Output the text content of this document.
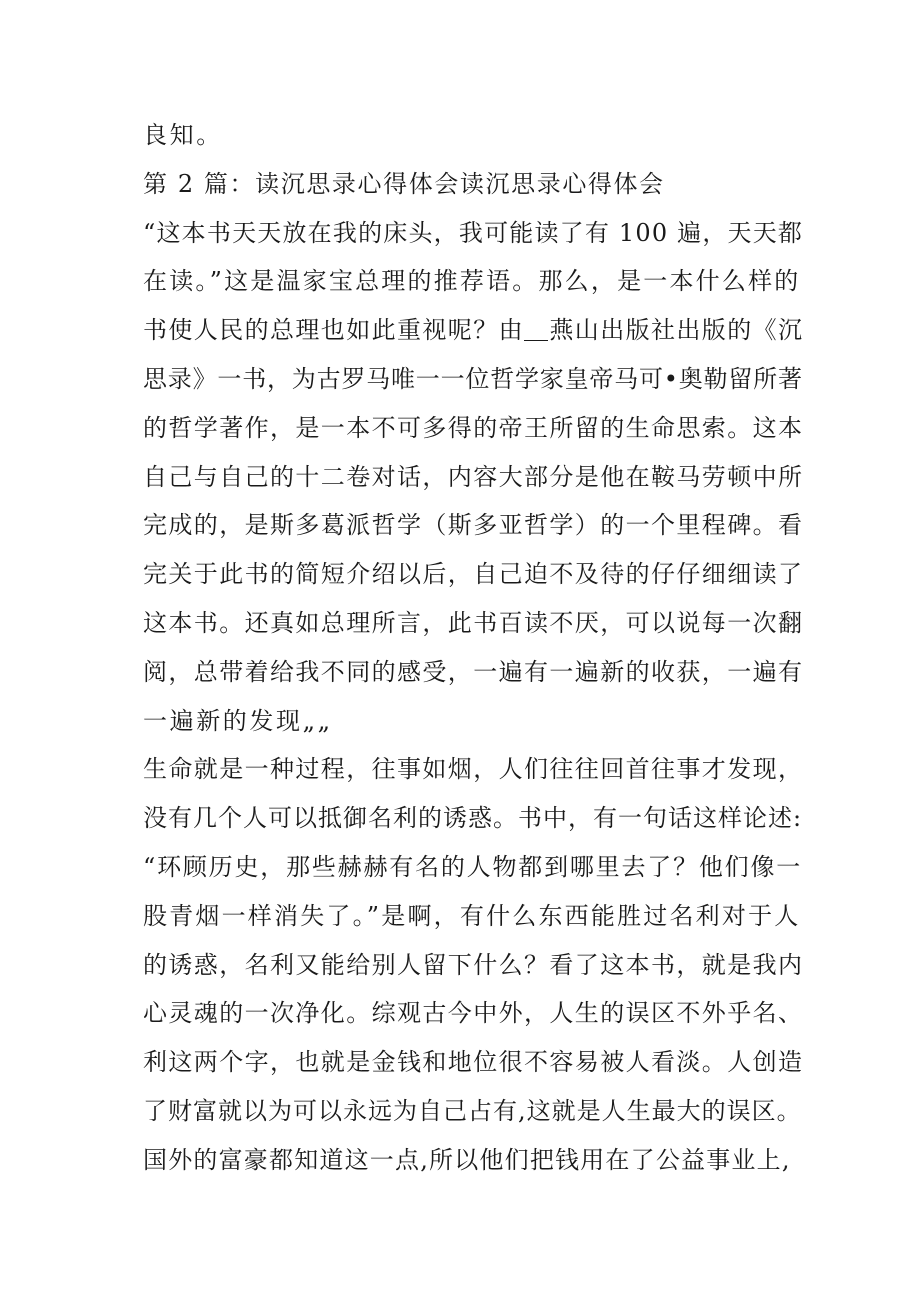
良知。
第 2 篇：读沉思录心得体会读沉思录心得体会
“这本书天天放在我的床头，我可能读了有 100 遍，天天都
在读。”这是温家宝总理的推荐语。那么，是一本什么样的
书使人民的总理也如此重视呢？由＿燕山出版社出版的《沉
思录》一书，为古罗马唯一一位哲学家皇帝马可•奥勒留所著
的哲学著作，是一本不可多得的帝王所留的生命思索。这本
自己与自己的十二卷对话，内容大部分是他在鞍马劳顿中所
完成的，是斯多葛派哲学（斯多亚哲学）的一个里程碑。看
完关于此书的简短介绍以后，自己迫不及待的仔仔细细读了
这本书。还真如总理所言，此书百读不厌，可以说每一次翻
阅，总带着给我不同的感受，一遍有一遍新的收获，一遍有
一遍新的发现„„
生命就是一种过程，往事如烟，人们往往回首往事才发现，
没有几个人可以抵御名利的诱惑。书中，有一句话这样论述:
“环顾历史，那些赫赫有名的人物都到哪里去了？他们像一
股青烟一样消失了。”是啊，有什么东西能胜过名利对于人
的诱惑，名利又能给别人留下什么？看了这本书，就是我内
心灵魂的一次净化。综观古今中外，人生的误区不外乎名、
利这两个字，也就是金钱和地位很不容易被人看淡。人创造
了财富就以为可以永远为自己占有,这就是人生最大的误区。
国外的富豪都知道这一点,所以他们把钱用在了公益事业上,
